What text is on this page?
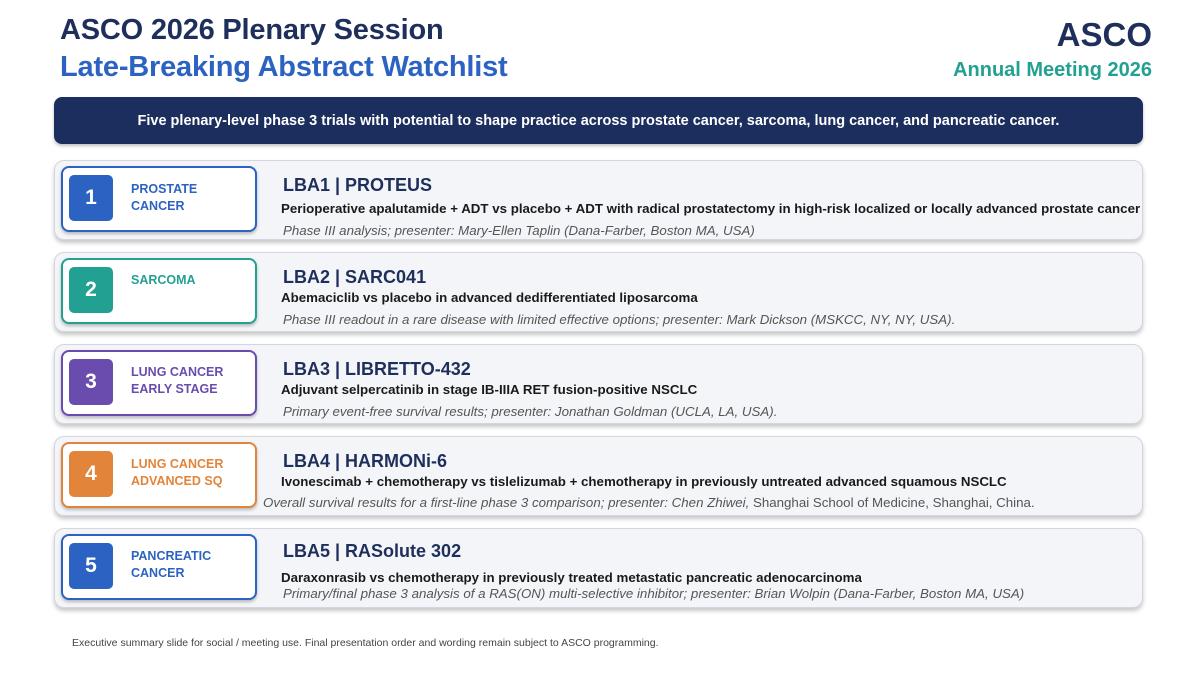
ASCO 2026 Plenary Session
Late-Breaking Abstract Watchlist
ASCO
Annual Meeting 2026
Five plenary-level phase 3 trials with potential to shape practice across prostate cancer, sarcoma, lung cancer, and pancreatic cancer.
1	PROSTATE
CANCER
LBA1 | PROTEUS
Perioperative apalutamide + ADT vs placebo + ADT with radical prostatectomy in high-risk localized or locally advanced prostate cancer
Phase III analysis; presenter: Mary-Ellen Taplin (Dana-Farber, Boston MA, USA)
2	SARCOMA	LBA2 | SARC041
Abemaciclib vs placebo in advanced dedifferentiated liposarcoma
Phase III readout in a rare disease with limited effective options; presenter: Mark Dickson (MSKCC, NY, NY, USA).
3	LUNG CANCER
EARLY STAGE
LBA3 | LIBRETTO-432
Adjuvant selpercatinib in stage IB-IIIA RET fusion-positive NSCLC
Primary event-free survival results; presenter: Jonathan Goldman (UCLA, LA, USA).
4	LUNG CANCER
ADVANCED SQ
LBA4 | HARMONi-6
Ivonescimab + chemotherapy vs tislelizumab + chemotherapy in previously untreated advanced squamous NSCLC
Overall survival results for a first-line phase 3 comparison; presenter: Chen Zhiwei, Shanghai School of Medicine, Shanghai, China.
5	PANCREATIC
CANCER
LBA5 | RASolute 302
Daraxonrasib vs chemotherapy in previously treated metastatic pancreatic adenocarcinoma
Primary/final phase 3 analysis of a RAS(ON) multi-selective inhibitor; presenter: Brian Wolpin (Dana-Farber, Boston MA, USA)
Executive summary slide for social / meeting use. Final presentation order and wording remain subject to ASCO programming.
